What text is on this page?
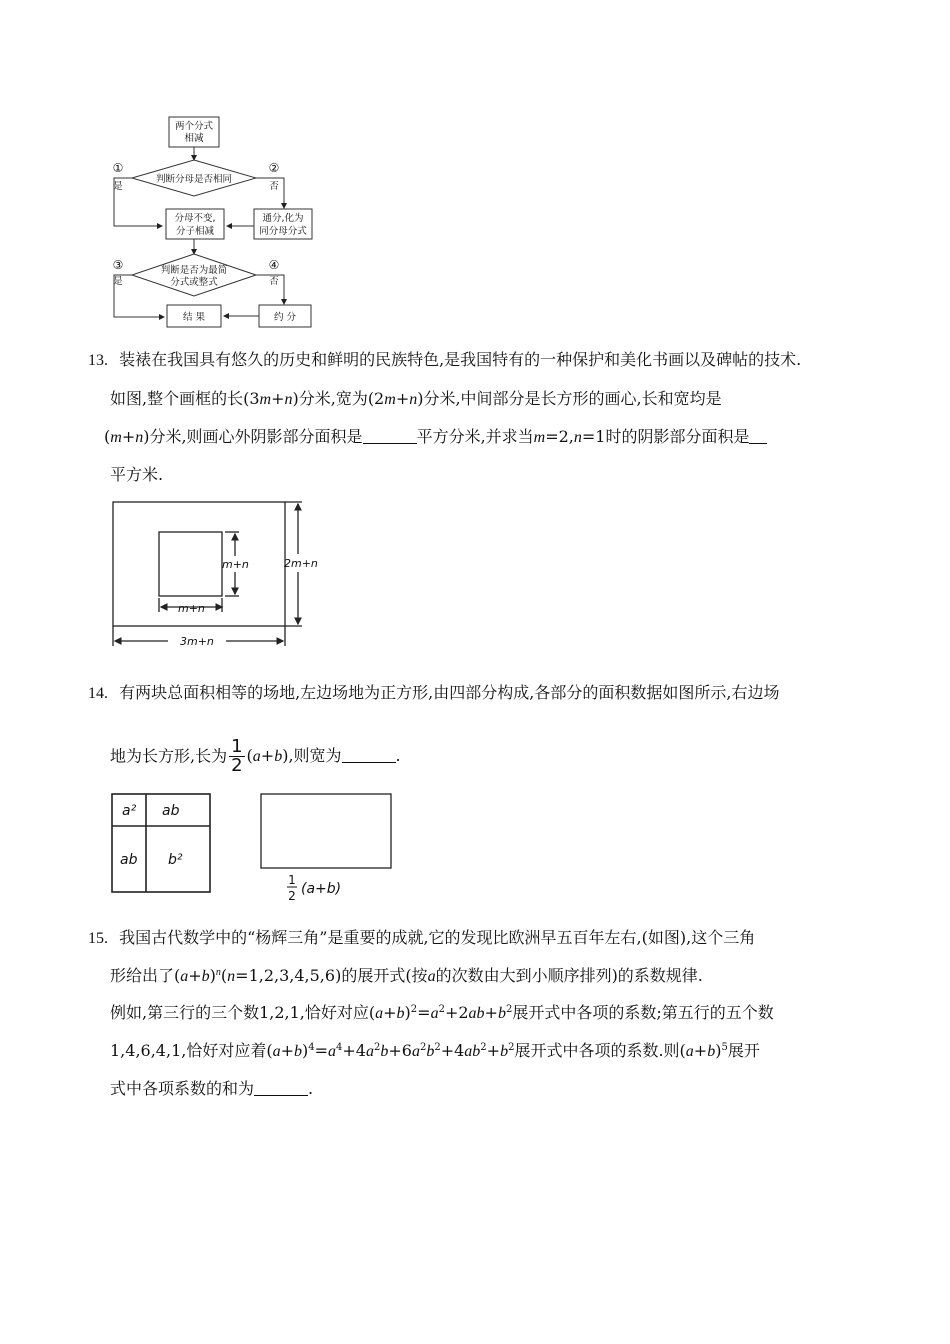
两个分式
相减
判断分母是否相同
①
是
②
否
分母不变,
分子相减
通分,化为
同分母分式
判断是否为最简
分式或整式
③
是
④
否
结 果	约 分
13. 装裱在我国具有悠久的历史和鲜明的民族特色,是我国特有的一种保护和美化书画以及碑帖的技术.
如图,整个画框的长(3m+n)分米,宽为(2m+n)分米,中间部分是长方形的画心,长和宽均是
(m+n)分米,则画心外阴影部分面积是	平方分米,并求当m=2,n=1时的阴影部分面积是
平方米.
m+n
m+n
2m+n
3m+n
14. 有两块总面积相等的场地,左边场地为正方形,由四部分构成,各部分的面积数据如图所示,右边场
地为长方形,长为 $\frac{1}{2} (a+b)$,则宽为	.
a² ab
ab b²
1
2 (a+b)
15. 我国古代数学中的“杨辉三角”是重要的成就,它的发现比欧洲早五百年左右,(如图),这个三角
形给出了$(a+b)^n(n=1,2,3,4,5,6)$的展开式(按a的次数由大到小顺序排列)的系数规律.
例如,第三行的三个数1,2,1,恰好对应$(a+b)^2=a^2+2ab+b^2$展开式中各项的系数;第五行的五个数
1,4,6,4,1,恰好对应着$(a+b)^4=a^4+4a^2b+6a^2b^2+4ab^2+b^2$展开式中各项的系数.则$(a+b)^5$展开
式中各项系数的和为	.
